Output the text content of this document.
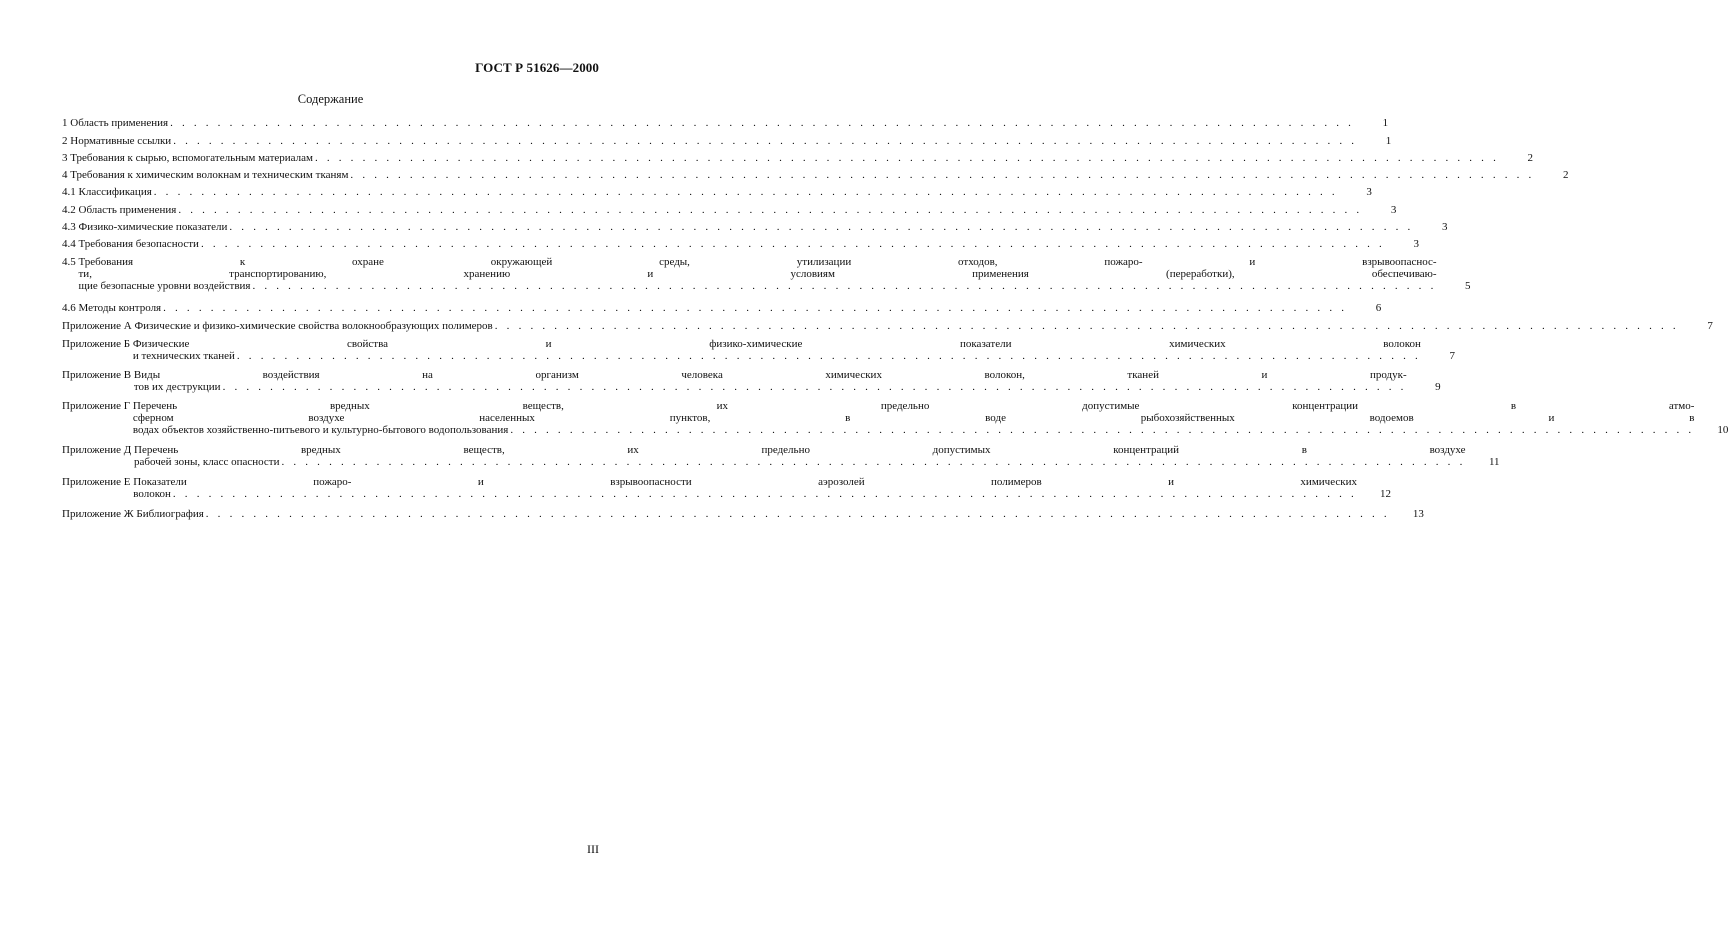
ГОСТ Р 51626—2000
Содержание
1 Область применения . . .	1
2 Нормативные ссылки . . .	1
3 Требования к сырью, вспомогательным материалам . . .	2
4 Требования к химическим волокнам и техническим тканям . . .	2
4.1 Классификация . . .	3
4.2 Область применения . . .	3
4.3 Физико-химические показатели . . .	3
4.4 Требования безопасности . . .	3
4.5 Требования к охране окружающей среды, утилизации отходов, пожаро- и взрывоопаснос-
ти, транспортированию, хранению и условиям применения (переработки), обеспечиваю-
щие безопасные уровни воздействия . . .	5
4.6 Методы контроля . . .	6
Приложение А Физические и физико-химические свойства волокнообразующих полимеров . . .	7
Приложение Б Физические свойства и физико-химические показатели химических волокон
и технических тканей . . .	7
Приложение В Виды воздействия на организм человека химических волокон, тканей и продук-
тов их деструкции . . .	9
Приложение Г Перечень вредных веществ, их предельно допустимые концентрации в атмо-
сферном воздухе населенных пунктов, в воде рыбохозяйственных водоемов и в
водах объектов хозяйственно-питьевого и культурно-бытового водопользования . . .	10
Приложение Д Перечень вредных веществ, их предельно допустимых концентраций в воздухе
рабочей зоны, класс опасности . . .	11
Приложение Е Показатели пожаро- и взрывоопасности аэрозолей полимеров и химических
волокон . . .	12
Приложение Ж Библиография . . .	13
III
